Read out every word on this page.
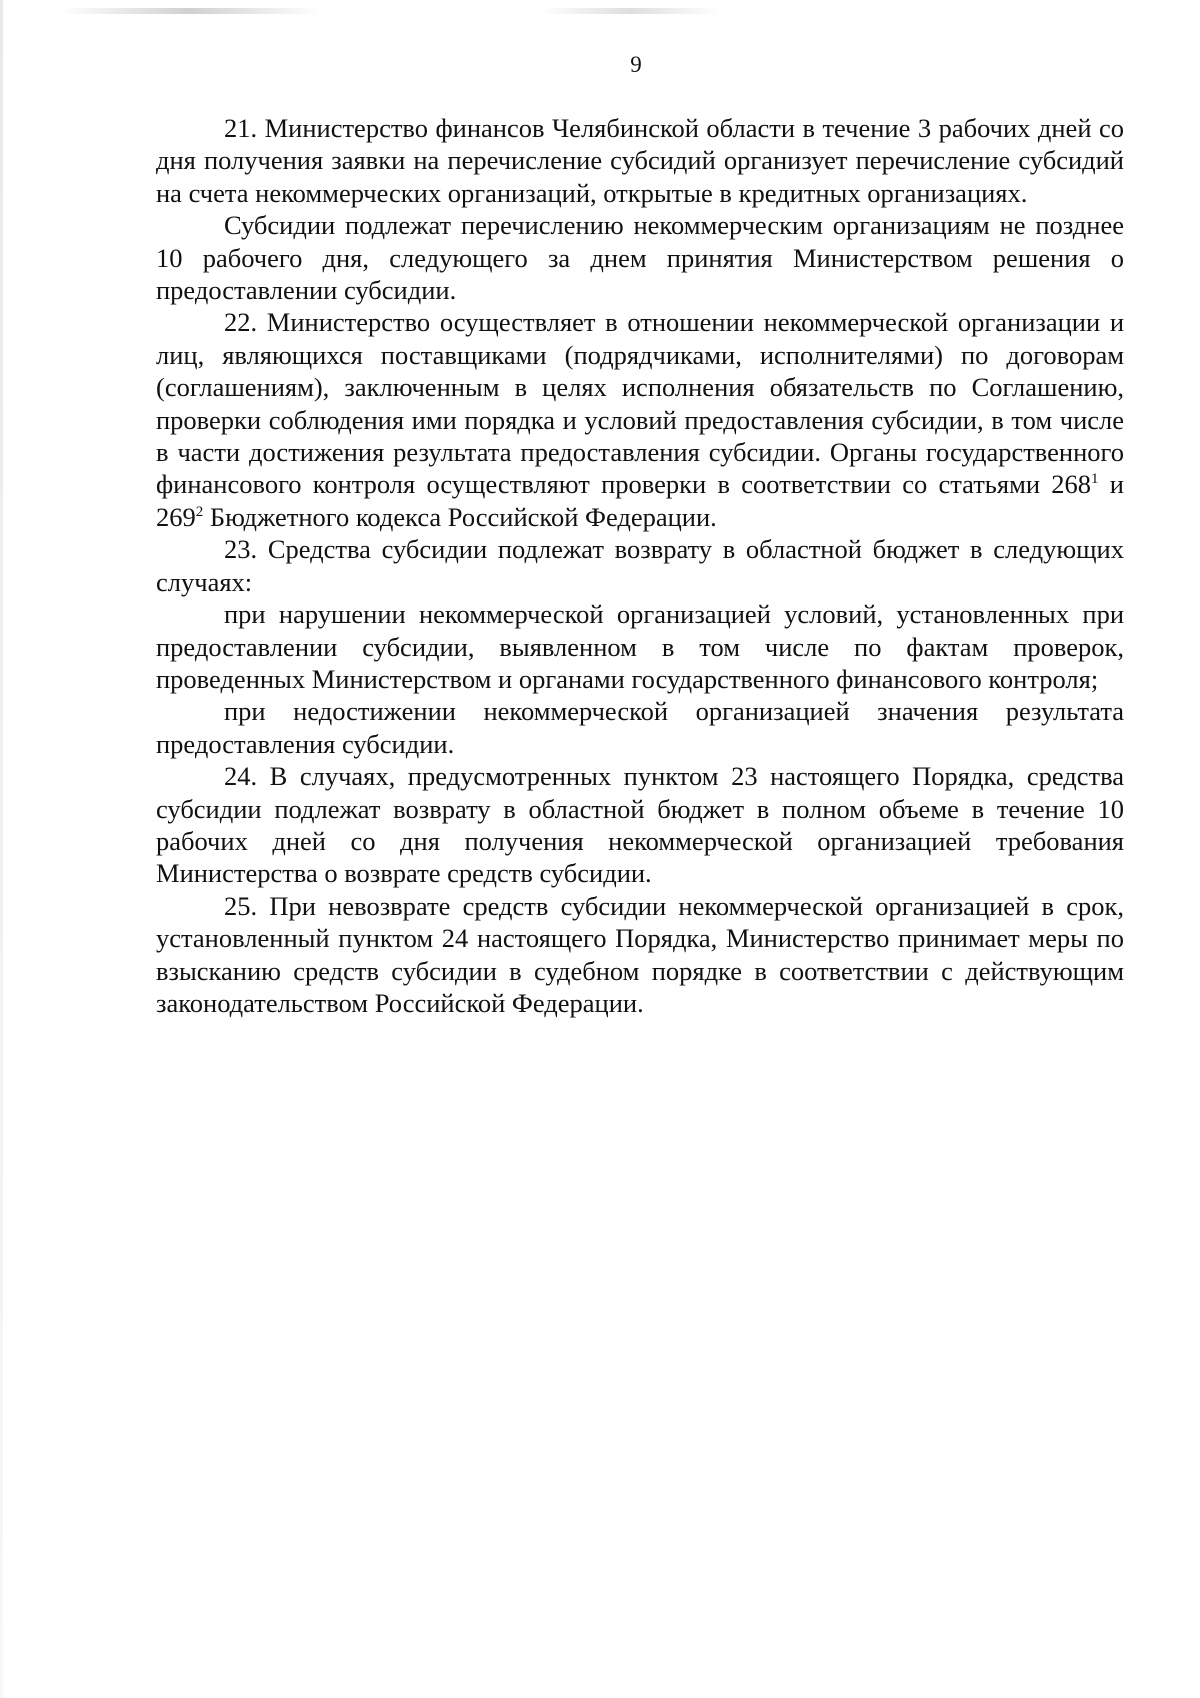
9

21. Министерство финансов Челябинской области в течение 3 рабочих дней со дня получения заявки на перечисление субсидий организует перечисление субсидий на счета некоммерческих организаций, открытые в кредитных организациях.

Субсидии подлежат перечислению некоммерческим организациям не позднее 10 рабочего дня, следующего за днем принятия Министерством решения о предоставлении субсидии.

22. Министерство осуществляет в отношении некоммерческой организации и лиц, являющихся поставщиками (подрядчиками, исполнителями) по договорам (соглашениям), заключенным в целях исполнения обязательств по Соглашению, проверки соблюдения ими порядка и условий предоставления субсидии, в том числе в части достижения результата предоставления субсидии. Органы государственного финансового контроля осуществляют проверки в соответствии со статьями $268^1$ и $269^2$ Бюджетного кодекса Российской Федерации.

23. Средства субсидии подлежат возврату в областной бюджет в следующих случаях:

при нарушении некоммерческой организацией условий, установленных при предоставлении субсидии, выявленном в том числе по фактам проверок, проведенных Министерством и органами государственного финансового контроля;

при недостижении некоммерческой организацией значения результата предоставления субсидии.

24. В случаях, предусмотренных пунктом 23 настоящего Порядка, средства субсидии подлежат возврату в областной бюджет в полном объеме в течение 10 рабочих дней со дня получения некоммерческой организацией требования Министерства о возврате средств субсидии.

25. При невозврате средств субсидии некоммерческой организацией в срок, установленный пунктом 24 настоящего Порядка, Министерство принимает меры по взысканию средств субсидии в судебном порядке в соответствии с действующим законодательством Российской Федерации.
